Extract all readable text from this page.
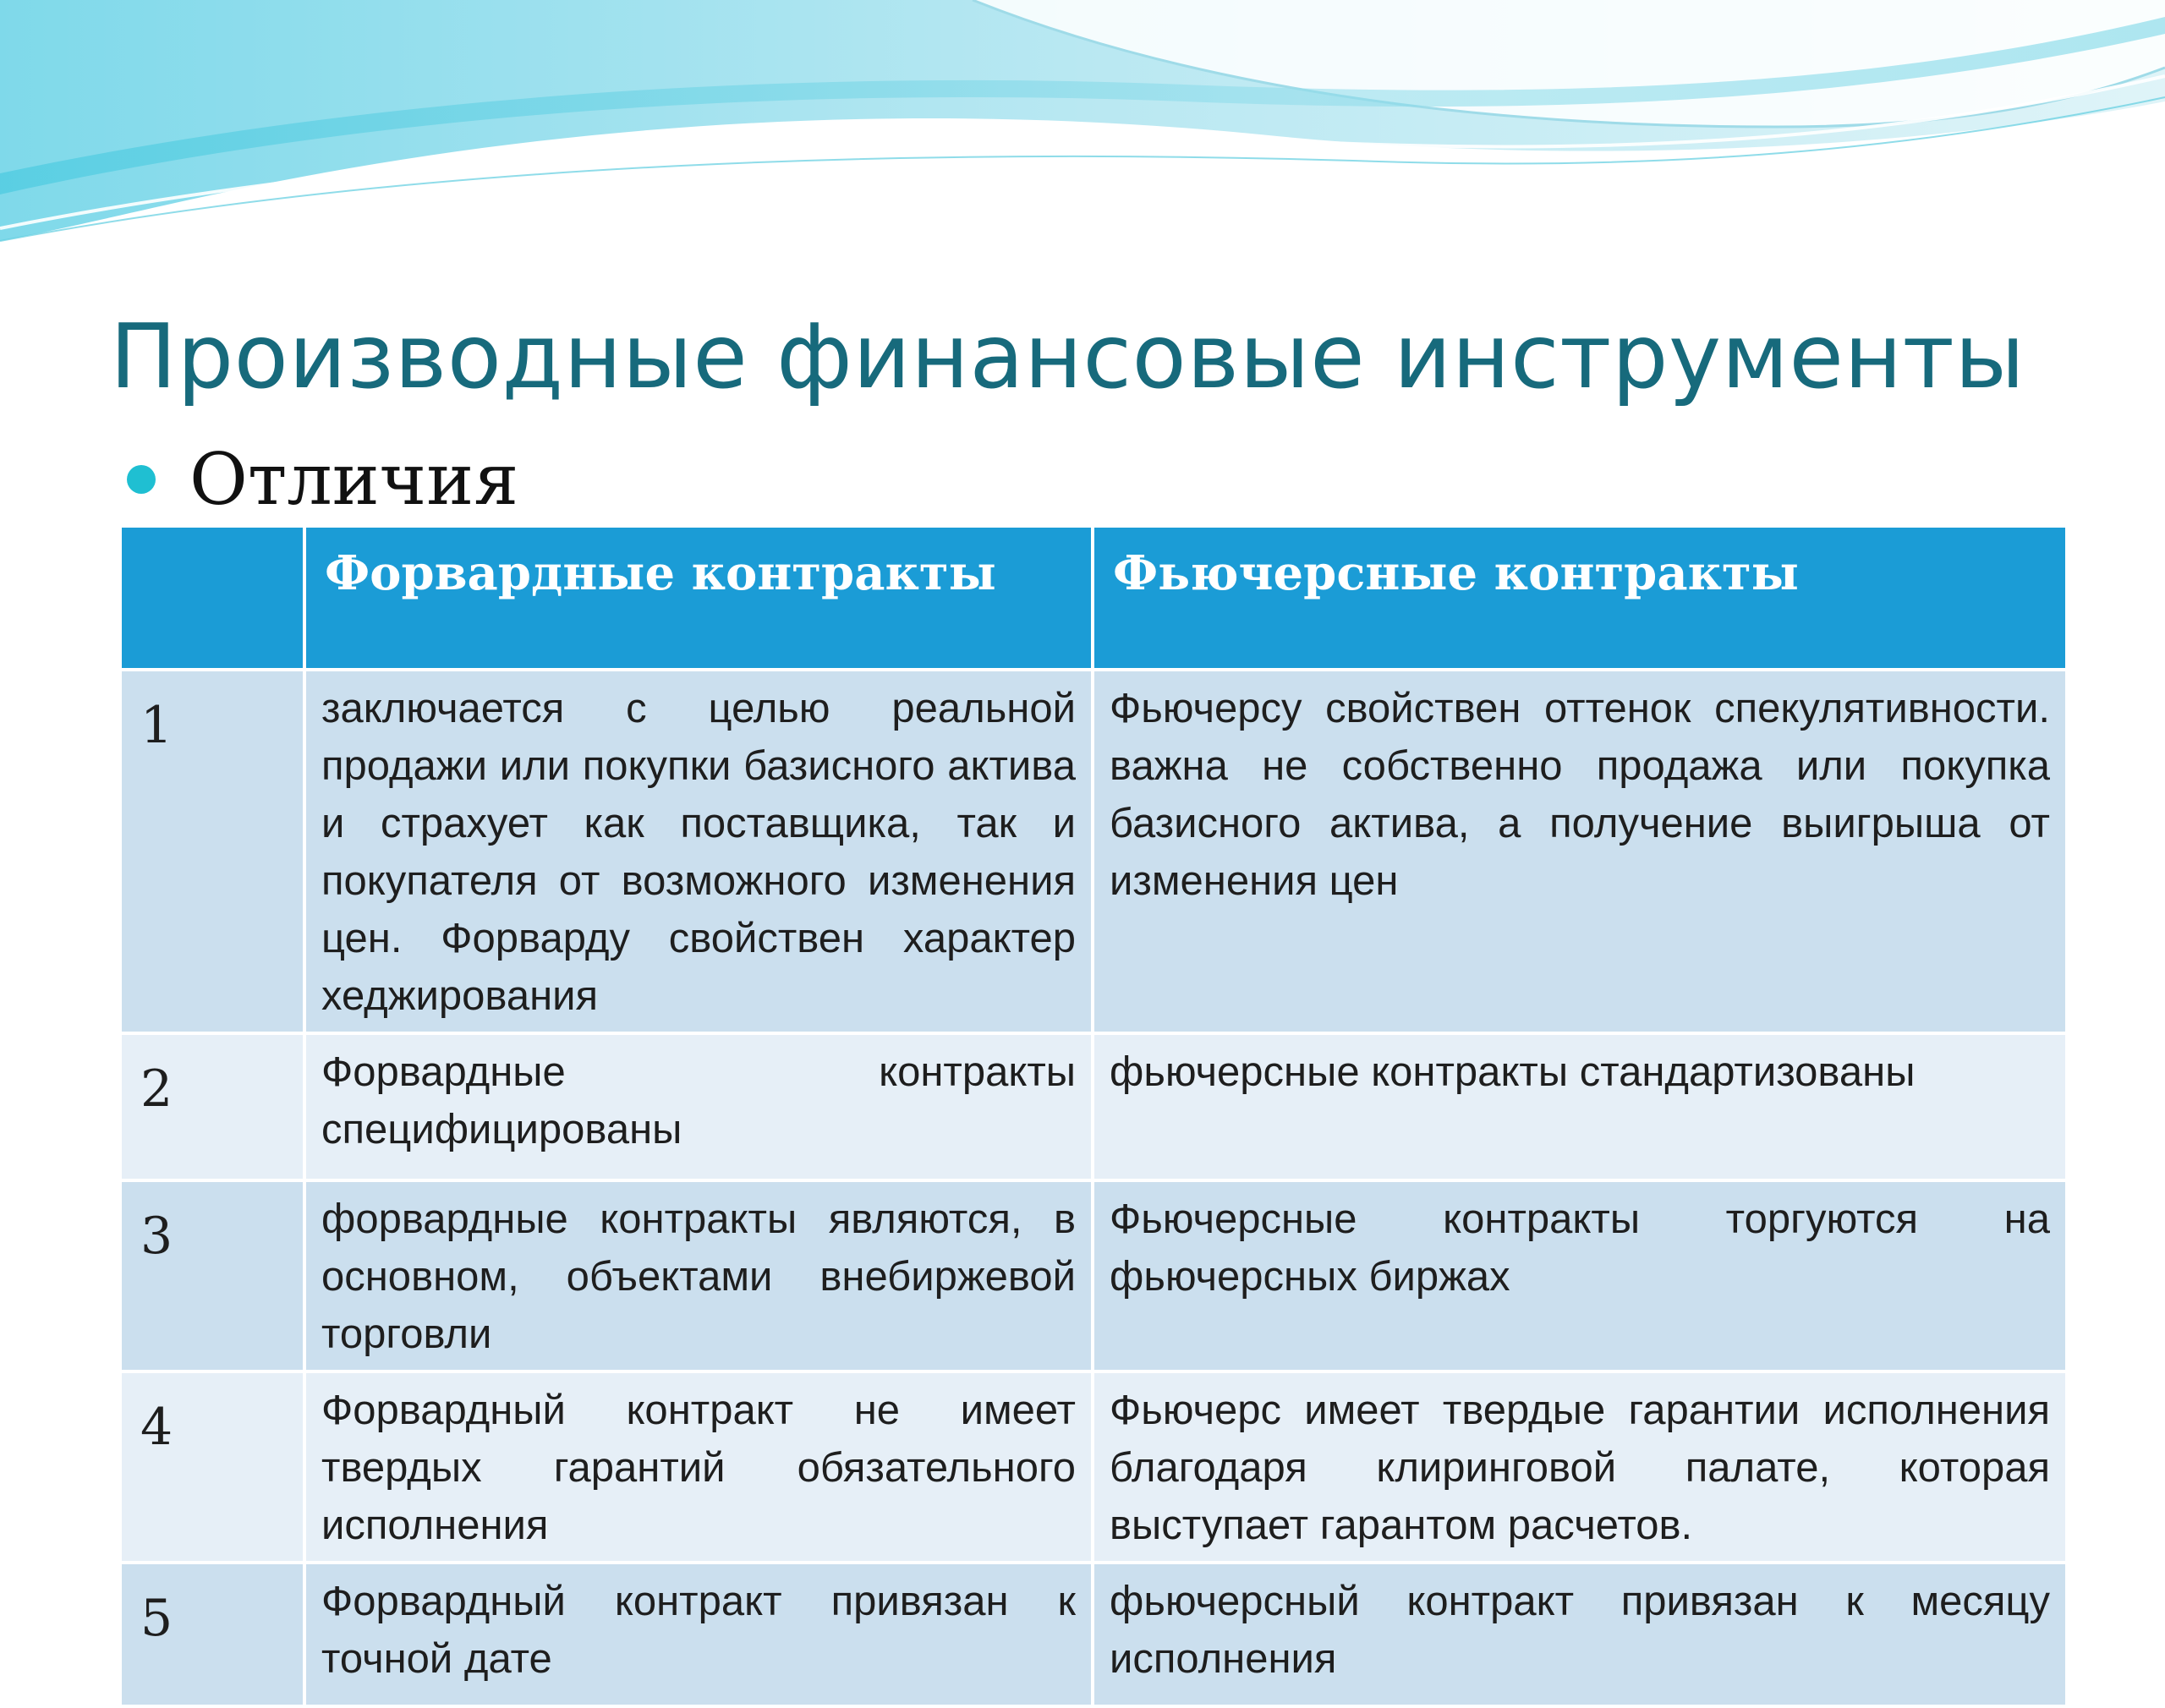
Производные финансовые инструменты
Отличия
	Форвардные контракты	Фьючерсные контракты
1	заключается с целью реальной продажи или покупки базисного актива и страхует как поставщика, так и покупателя от возможного изменения цен. Форварду свойствен характер хеджирования	Фьючерсу свойствен оттенок спекулятивности. важна не собственно продажа или покупка базисного актива, а получение выигрыша от изменения цен
2	Форвардные контракты специфицированы	фьючерсные контракты стандартизованы
3	форвардные контракты являются, в основном, объектами внебиржевой торговли	Фьючерсные контракты торгуются на фьючерсных биржах
4	Форвардный контракт не имеет твердых гарантий обязательного исполнения	Фьючерс имеет твердые гарантии исполнения благодаря клиринговой палате, которая выступает гарантом расчетов.
5	Форвардный контракт привязан к точной дате	фьючерсный контракт привязан к месяцу исполнения
